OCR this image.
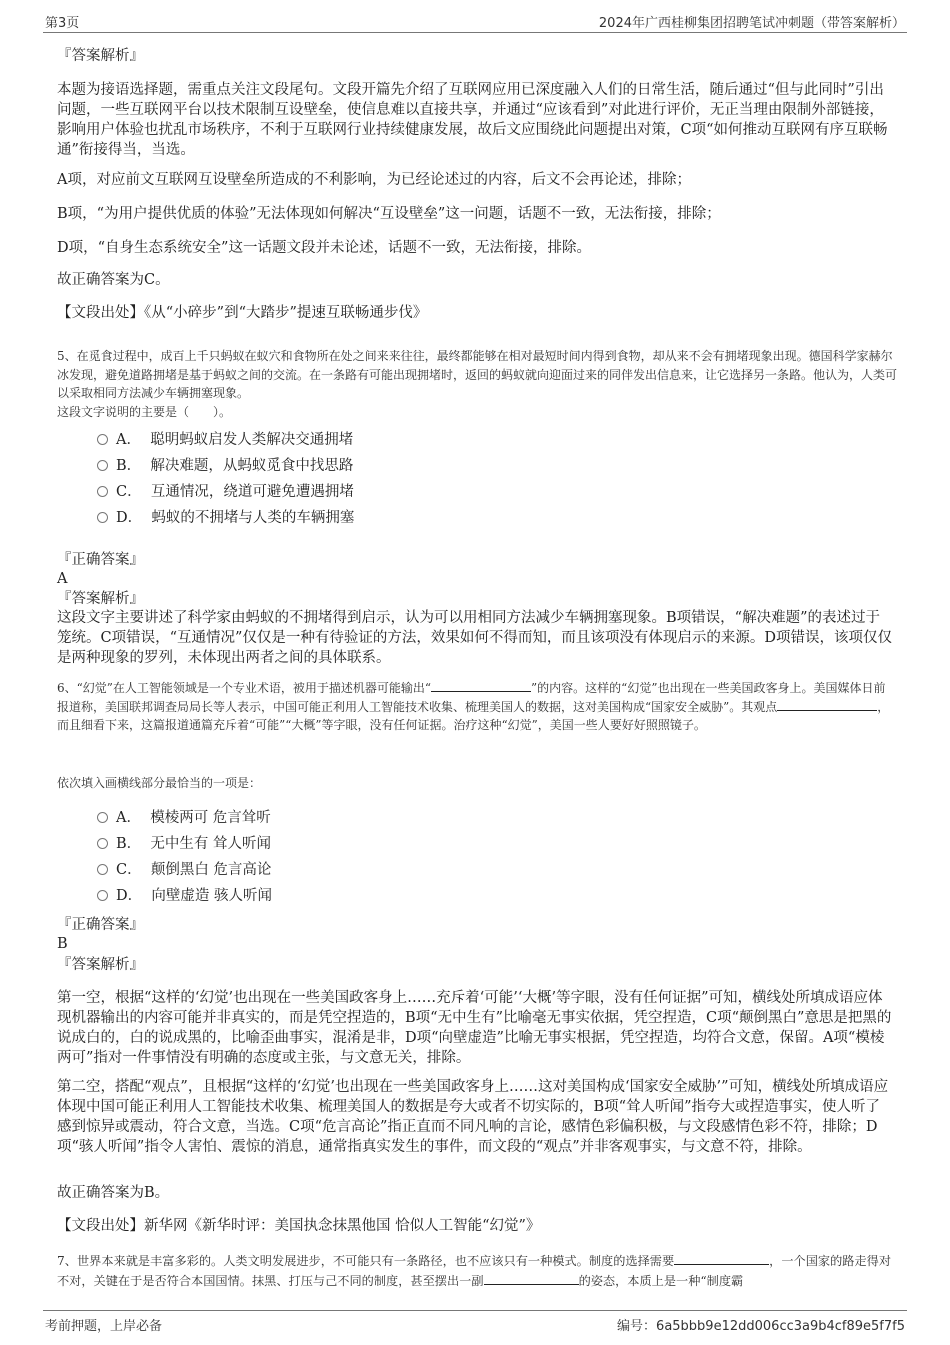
第3页	2024年广西桂柳集团招聘笔试冲刺题（带答案解析）
『答案解析』
本题为接语选择题，需重点关注文段尾句。文段开篇先介绍了互联网应用已深度融入人们的日常生活，随后通过“但与此同时”引出问题，一些互联网平台以技术限制互设壁垒，使信息难以直接共享，并通过“应该看到”对此进行评价，无正当理由限制外部链接，影响用户体验也扰乱市场秩序，不利于互联网行业持续健康发展，故后文应围绕此问题提出对策，C项“如何推动互联网有序互联畅通”衔接得当，当选。
A项，对应前文互联网互设壁垒所造成的不利影响，为已经论述过的内容，后文不会再论述，排除；
B项，“为用户提供优质的体验”无法体现如何解决“互设壁垒”这一问题，话题不一致，无法衔接，排除；
D项，“自身生态系统安全”这一话题文段并未论述，话题不一致，无法衔接，排除。
故正确答案为C。
【文段出处】《从“小碎步”到“大踏步”提速互联畅通步伐》
5、在觅食过程中，成百上千只蚂蚁在蚁穴和食物所在处之间来来往往，最终都能够在相对最短时间内得到食物，却从来不会有拥堵现象出现。德国科学家赫尔冰发现，避免道路拥堵是基于蚂蚁之间的交流。在一条路有可能出现拥堵时，返回的蚂蚁就向迎面过来的同伴发出信息来，让它选择另一条路。他认为，人类可以采取相同方法减少车辆拥塞现象。
这段文字说明的主要是（　　）。
A． 聪明蚂蚁启发人类解决交通拥堵
B． 解决难题，从蚂蚁觅食中找思路
C． 互通情况，绕道可避免遭遇拥堵
D． 蚂蚁的不拥堵与人类的车辆拥塞
『正确答案』
A
『答案解析』
这段文字主要讲述了科学家由蚂蚁的不拥堵得到启示，认为可以用相同方法减少车辆拥塞现象。B项错误，“解决难题”的表述过于笼统。C项错误，“互通情况”仅仅是一种有待验证的方法，效果如何不得而知，而且该项没有体现启示的来源。D项错误，该项仅仅是两种现象的罗列，未体现出两者之间的具体联系。
6、“幻觉”在人工智能领域是一个专业术语，被用于描述机器可能输出“	”的内容。这样的“幻觉”也出现在一些美国政客身上。美国媒体日前报道称，美国联邦调查局局长等人表示，中国可能正利用人工智能技术收集、梳理美国人的数据，这对美国构成“国家安全威胁”。其观点	，而且细看下来，这篇报道通篇充斥着“可能”“大概”等字眼，没有任何证据。治疗这种“幻觉”，美国一些人要好好照照镜子。
依次填入画横线部分最恰当的一项是：
A． 模棱两可 危言耸听
B． 无中生有 耸人听闻
C． 颠倒黑白 危言高论
D． 向壁虚造 骇人听闻
『正确答案』
B
『答案解析』
第一空，根据“这样的‘幻觉’也出现在一些美国政客身上……充斥着‘可能’‘大概’等字眼，没有任何证据”可知，横线处所填成语应体现机器输出的内容可能并非真实的，而是凭空捏造的，B项“无中生有”比喻毫无事实依据，凭空捏造，C项“颠倒黑白”意思是把黑的说成白的，白的说成黑的，比喻歪曲事实，混淆是非，D项“向壁虚造”比喻无事实根据，凭空捏造，均符合文意，保留。A项“模棱两可”指对一件事情没有明确的态度或主张，与文意无关，排除。
第二空，搭配“观点”，且根据“这样的‘幻觉’也出现在一些美国政客身上……这对美国构成‘国家安全威胁’”可知，横线处所填成语应体现中国可能正利用人工智能技术收集、梳理美国人的数据是夸大或者不切实际的，B项“耸人听闻”指夸大或捏造事实，使人听了感到惊异或震动，符合文意，当选。C项“危言高论”指正直而不同凡响的言论，感情色彩偏积极，与文段感情色彩不符，排除；D项“骇人听闻”指令人害怕、震惊的消息，通常指真实发生的事件，而文段的“观点”并非客观事实，与文意不符，排除。
故正确答案为B。
【文段出处】新华网《新华时评：美国执念抹黑他国 恰似人工智能“幻觉”》
7、世界本来就是丰富多彩的。人类文明发展进步，不可能只有一条路径，也不应该只有一种模式。制度的选择需要	，一个国家的路走得对不对，关键在于是否符合本国国情。抹黑、打压与己不同的制度，甚至摆出一副	的姿态，本质上是一种“制度霸
考前押题，上岸必备	编号：6a5bbb9e12dd006cc3a9b4cf89e5f7f5
